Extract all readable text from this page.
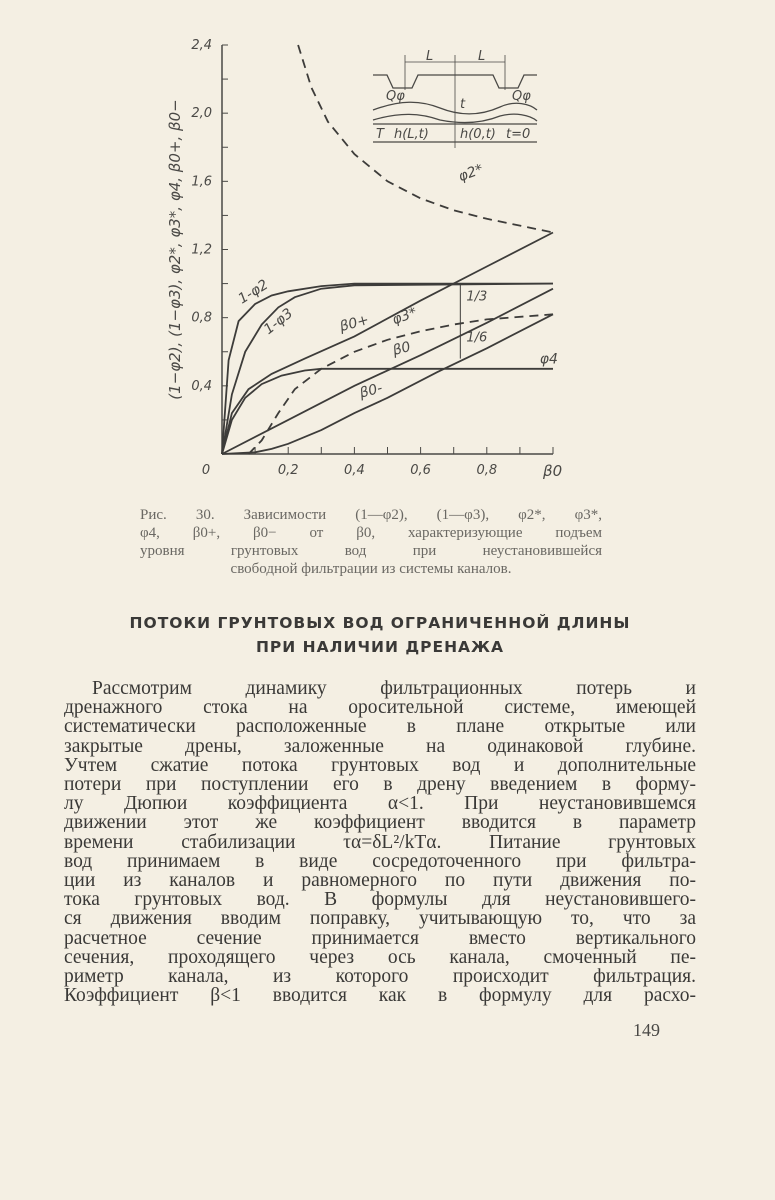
0	0,2	0,4	0,6	0,8	β0
0,4
0,8
1,2
1,6
2,0
2,4
(1−φ2), (1−φ3), φ2*, φ3*, φ4, β0+, β0−	1-φ2
1-φ3	β0+
φ2*
φ3*
β0
φ4
β0-
1/3
1/6
L	L
Qφ	Qφ
t
T h(L,t) h(0,t) t=0
Рис. 30. Зависимости (1—φ2), (1—φ3), φ2*, φ3*,
φ4, β0+, β0− от β0, характеризующие подъем
уровня грунтовых вод при неустановившейся
свободной фильтрации из системы каналов.
ПОТОКИ ГРУНТОВЫХ ВОД ОГРАНИЧЕННОЙ ДЛИНЫ
ПРИ НАЛИЧИИ ДРЕНАЖА
Рассмотрим динамику фильтрационных потерь и
дренажного стока на оросительной системе, имеющей
систематически расположенные в плане открытые или
закрытые дрены, заложенные на одинаковой глубине.
Учтем сжатие потока грунтовых вод и дополнительные
потери при поступлении его в дрену введением в форму-
лу Дюпюи коэффициента α<1. При неустановившемся
движении этот же коэффициент вводится в параметр
времени стабилизации τα=δL²/kTα. Питание грунтовых
вод принимаем в виде сосредоточенного при фильтра-
ции из каналов и равномерного по пути движения по-
тока грунтовых вод. В формулы для неустановившего-
ся движения вводим поправку, учитывающую то, что за
расчетное сечение принимается вместо вертикального
сечения, проходящего через ось канала, смоченный пе-
риметр канала, из которого происходит фильтрация.
Коэффициент β<1 вводится как в формулу для расхо-
149
